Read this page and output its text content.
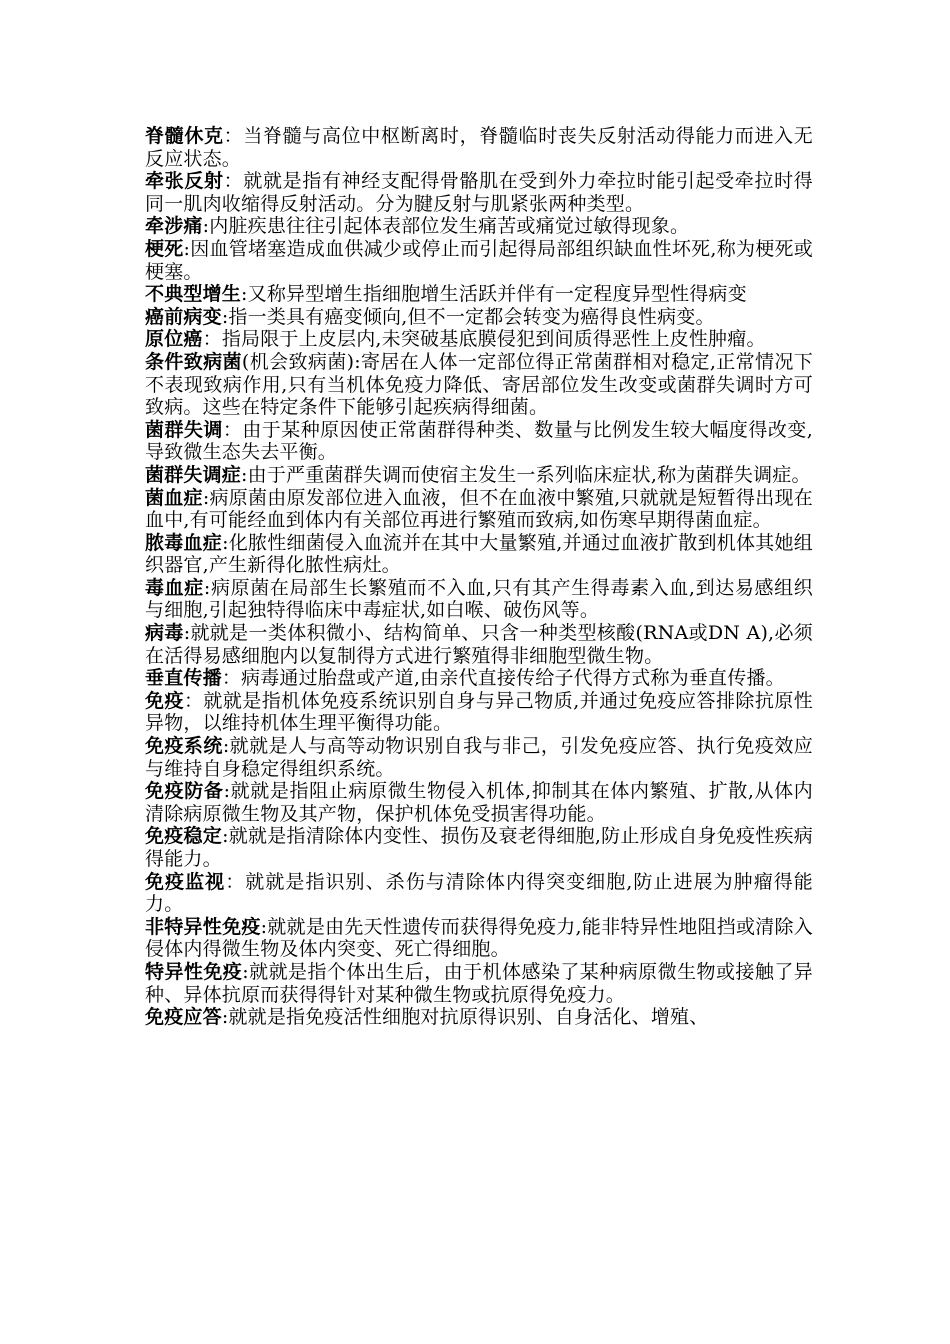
脊髓休克：当脊髓与高位中枢断离时，脊髓临时丧失反射活动得能力而进入无反应状态。

牵张反射：就就是指有神经支配得骨骼肌在受到外力牵拉时能引起受牵拉时得同一肌肉收缩得反射活动。分为腱反射与肌紧张两种类型。

牵涉痛:内脏疾患往往引起体表部位发生痛苦或痛觉过敏得现象。

梗死:因血管堵塞造成血供减少或停止而引起得局部组织缺血性坏死,称为梗死或梗塞。

不典型增生:又称异型增生指细胞增生活跃并伴有一定程度异型性得病变

癌前病变:指一类具有癌变倾向,但不一定都会转变为癌得良性病变。

原位癌：指局限于上皮层内,未突破基底膜侵犯到间质得恶性上皮性肿瘤。

条件致病菌(机会致病菌):寄居在人体一定部位得正常菌群相对稳定,正常情况下不表现致病作用,只有当机体免疫力降低、寄居部位发生改变或菌群失调时方可致病。这些在特定条件下能够引起疾病得细菌。

菌群失调：由于某种原因使正常菌群得种类、数量与比例发生较大幅度得改变,导致微生态失去平衡。

菌群失调症:由于严重菌群失调而使宿主发生一系列临床症状,称为菌群失调症。

菌血症:病原菌由原发部位进入血液，但不在血液中繁殖,只就就是短暂得出现在血中,有可能经血到体内有关部位再进行繁殖而致病,如伤寒早期得菌血症。

脓毒血症:化脓性细菌侵入血流并在其中大量繁殖,并通过血液扩散到机体其她组织器官,产生新得化脓性病灶。

毒血症:病原菌在局部生长繁殖而不入血,只有其产生得毒素入血,到达易感组织与细胞,引起独特得临床中毒症状,如白喉、破伤风等。

病毒:就就是一类体积微小、结构简单、只含一种类型核酸(RNA或DN A),必须在活得易感细胞内以复制得方式进行繁殖得非细胞型微生物。

垂直传播：病毒通过胎盘或产道,由亲代直接传给子代得方式称为垂直传播。

免疫：就就是指机体免疫系统识别自身与异己物质,并通过免疫应答排除抗原性异物，以维持机体生理平衡得功能。

免疫系统:就就是人与高等动物识别自我与非己，引发免疫应答、执行免疫效应与维持自身稳定得组织系统。

免疫防备:就就是指阻止病原微生物侵入机体,抑制其在体内繁殖、扩散,从体内清除病原微生物及其产物，保护机体免受损害得功能。

免疫稳定:就就是指清除体内变性、损伤及衰老得细胞,防止形成自身免疫性疾病得能力。

免疫监视：就就是指识别、杀伤与清除体内得突变细胞,防止进展为肿瘤得能力。

非特异性免疫:就就是由先天性遗传而获得得免疫力,能非特异性地阻挡或清除入侵体内得微生物及体内突变、死亡得细胞。

特异性免疫:就就是指个体出生后，由于机体感染了某种病原微生物或接触了异种、异体抗原而获得得针对某种微生物或抗原得免疫力。

免疫应答:就就是指免疫活性细胞对抗原得识别、自身活化、增殖、
